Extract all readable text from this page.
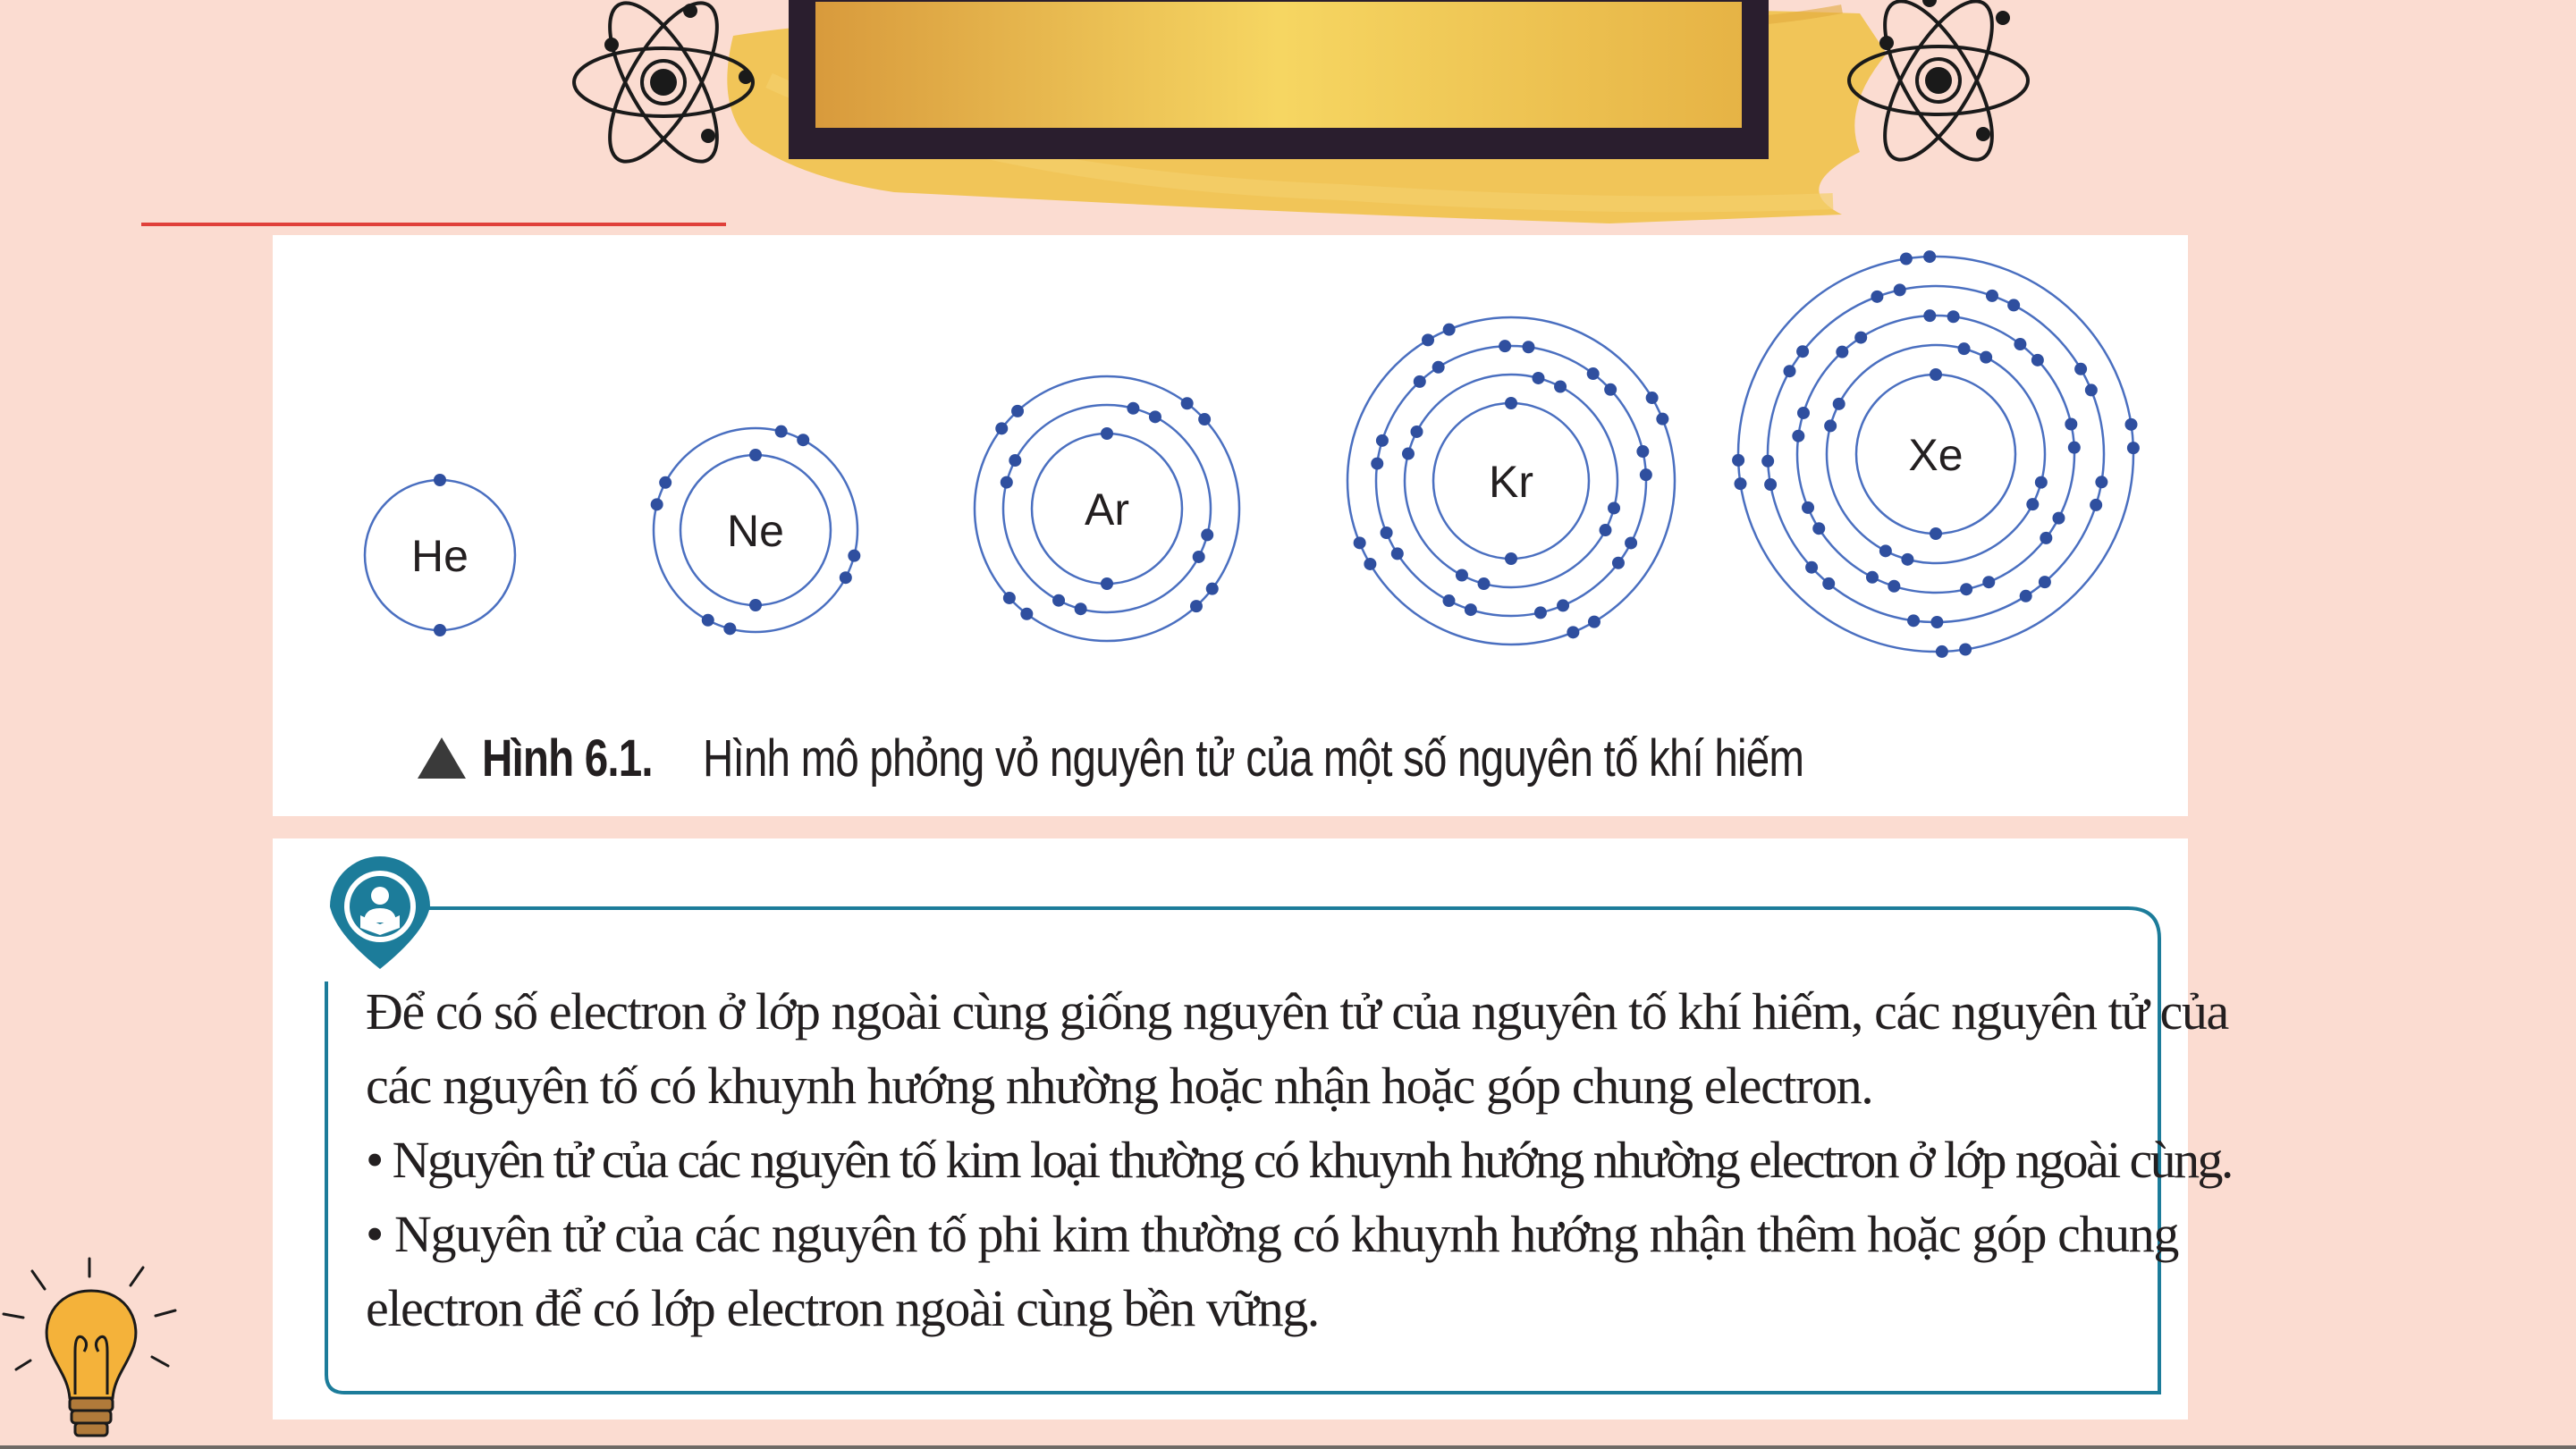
He	Ne	Ar
Kr
Xe
Hình 6.1. Hình mô phỏng vỏ nguyên tử của một số nguyên tố khí hiếm

Để có số electron ở lớp ngoài cùng giống nguyên tử của nguyên tố khí hiếm, các nguyên tử của

các nguyên tố có khuynh hướng nhường hoặc nhận hoặc góp chung electron.

• Nguyên tử của các nguyên tố kim loại thường có khuynh hướng nhường electron ở lớp ngoài cùng.

• Nguyên tử của các nguyên tố phi kim thường có khuynh hướng nhận thêm hoặc góp chung

electron để có lớp electron ngoài cùng bền vững.
